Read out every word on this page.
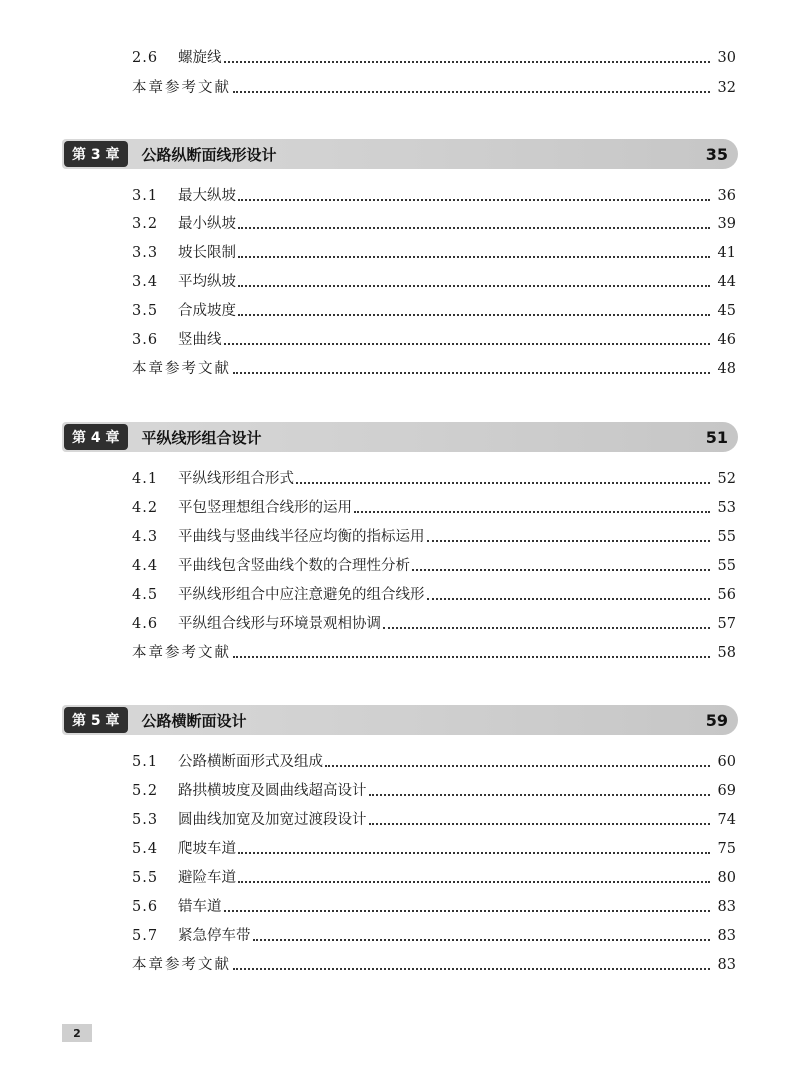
2.6	螺旋线	30
本章参考文献	32
第 3 章	公路纵断面线形设计	35
3.1	最大纵坡	36
3.2	最小纵坡	39
3.3	坡长限制	41
3.4	平均纵坡	44
3.5	合成坡度	45
3.6	竖曲线	46
本章参考文献	48
第 4 章	平纵线形组合设计	51
4.1	平纵线形组合形式	52
4.2	平包竖理想组合线形的运用	53
4.3	平曲线与竖曲线半径应均衡的指标运用	55
4.4	平曲线包含竖曲线个数的合理性分析	55
4.5	平纵线形组合中应注意避免的组合线形	56
4.6	平纵组合线形与环境景观相协调	57
本章参考文献	58
第 5 章	公路横断面设计	59
5.1	公路横断面形式及组成	60
5.2	路拱横坡度及圆曲线超高设计	69
5.3	圆曲线加宽及加宽过渡段设计	74
5.4	爬坡车道	75
5.5	避险车道	80
5.6	错车道	83
5.7	紧急停车带	83
本章参考文献	83
2
